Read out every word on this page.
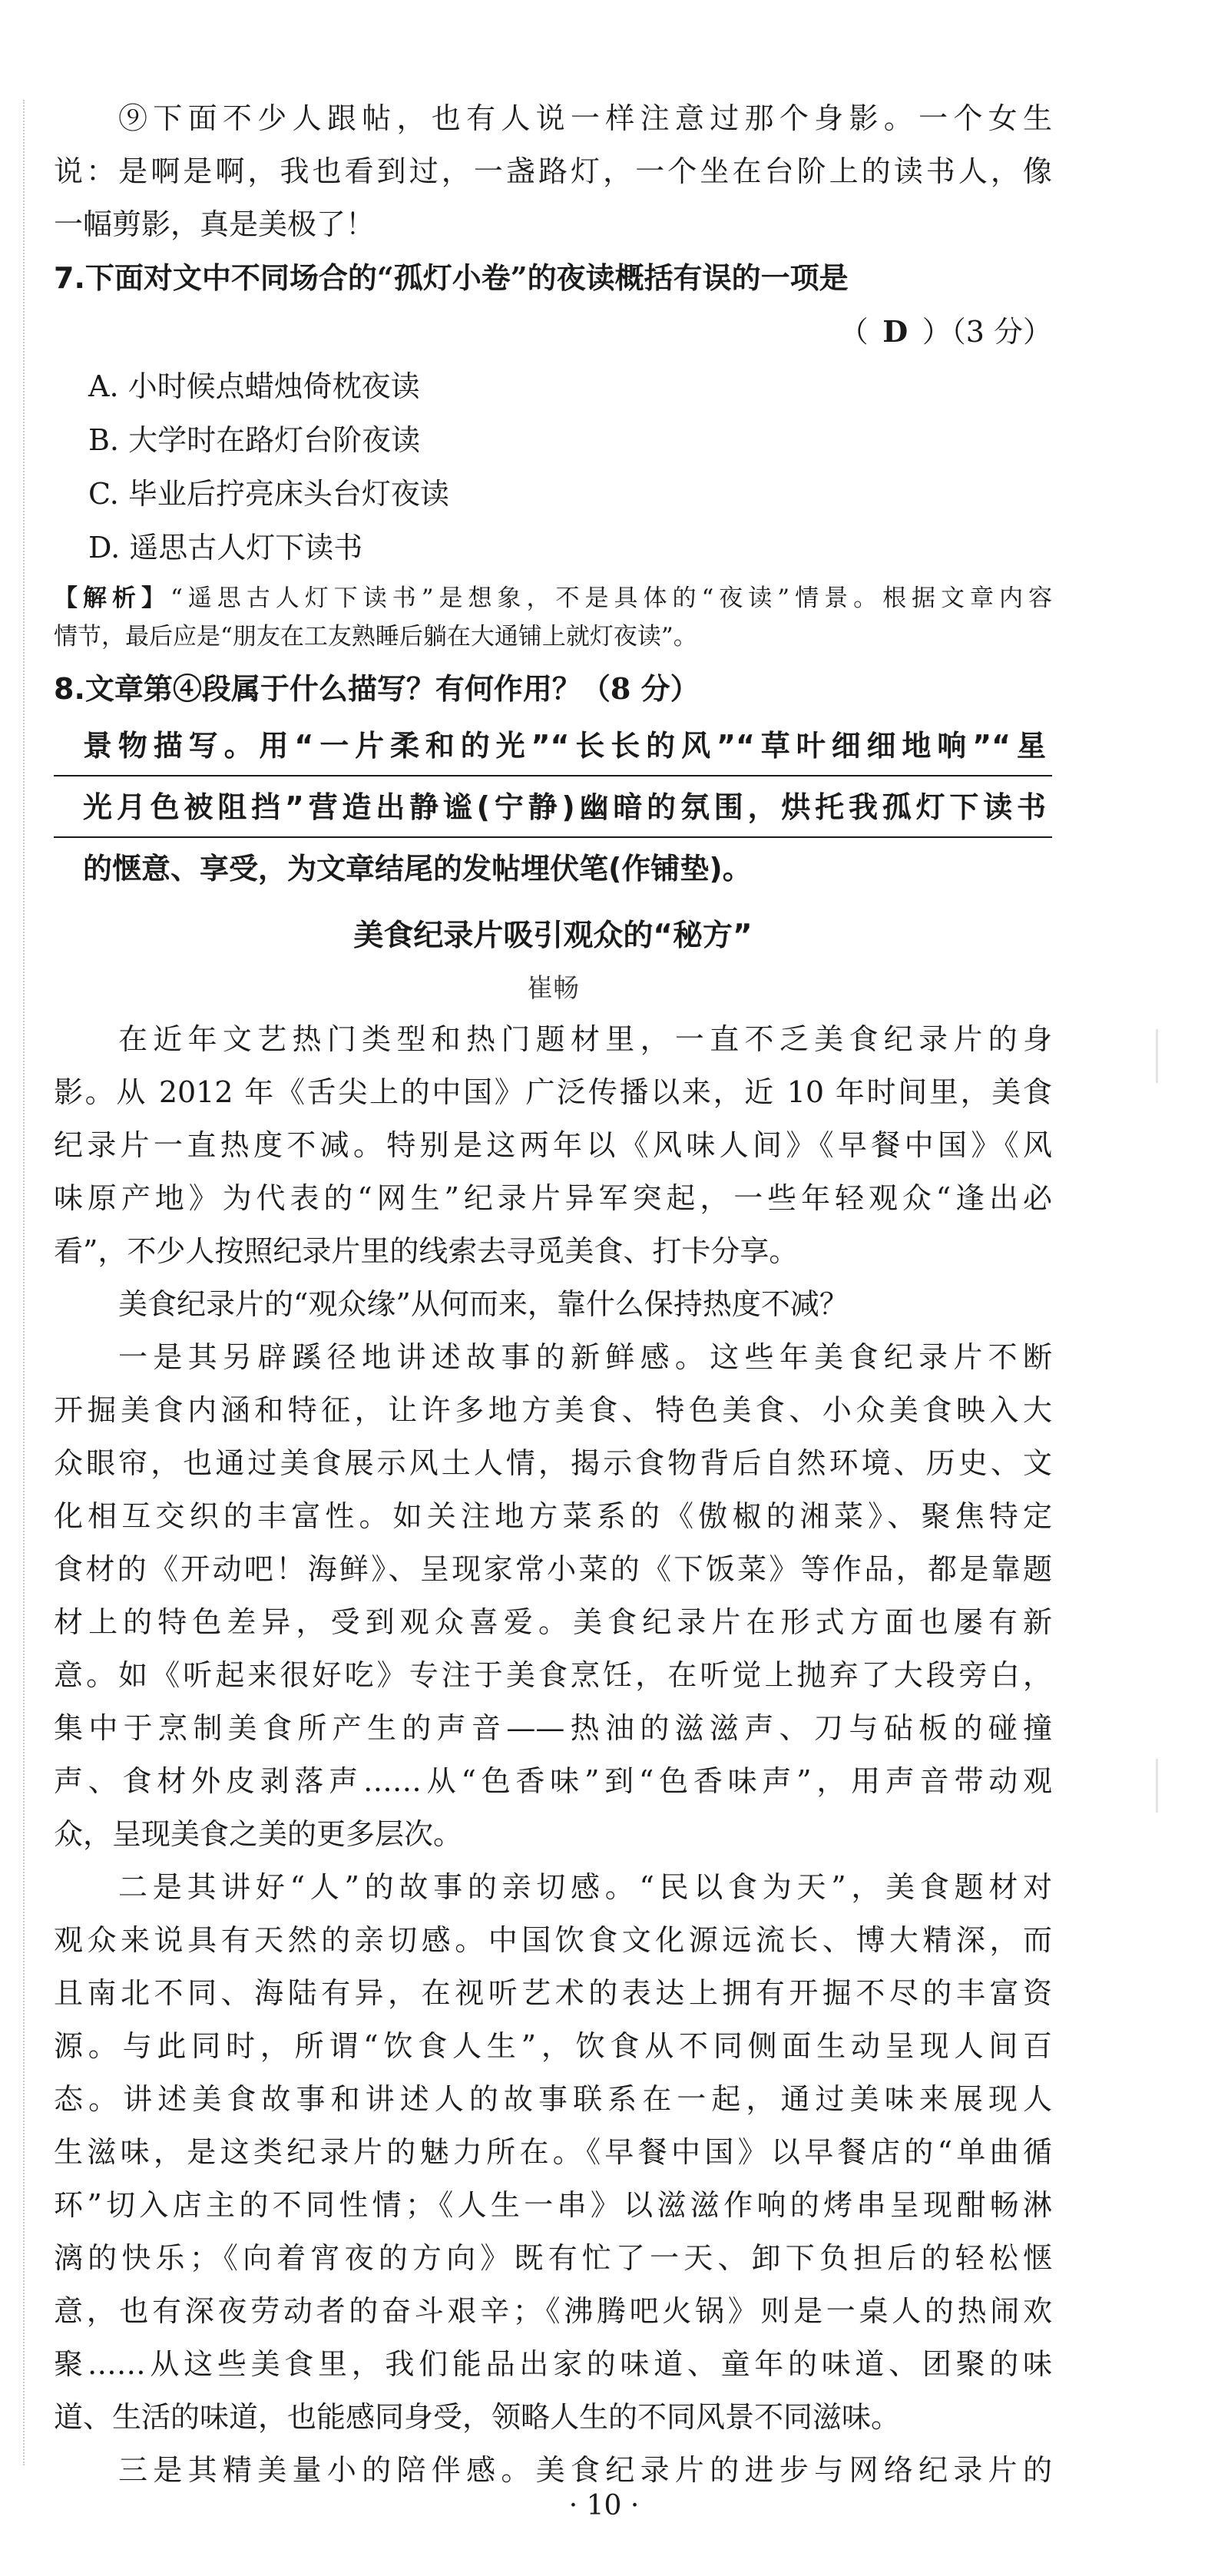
⑨下面不少人跟帖，也有人说一样注意过那个身影。一个女生

说：是啊是啊，我也看到过，一盏路灯，一个坐在台阶上的读书人，像

一幅剪影，真是美极了！

7.下面对文中不同场合的“孤灯小卷”的夜读概括有误的一项是

（ D ）（3 分）
A. 小时候点蜡烛倚枕夜读
B. 大学时在路灯台阶夜读
C. 毕业后拧亮床头台灯夜读
D. 遥思古人灯下读书

【解析】“遥思古人灯下读书”是想象，不是具体的“夜读”情景。根据文章内容

情节，最后应是“朋友在工友熟睡后躺在大通铺上就灯夜读”。

8.文章第④段属于什么描写？有何作用？（8 分）

景物描写。用“一片柔和的光”“长长的风”“草叶细细地响”“星
光月色被阻挡”营造出静谧(宁静)幽暗的氛围，烘托我孤灯下读书
的惬意、享受，为文章结尾的发帖埋伏笔(作铺垫)。
美食纪录片吸引观众的“秘方”
崔畅

在近年文艺热门类型和热门题材里，一直不乏美食纪录片的身

影。从 2012 年《舌尖上的中国》广泛传播以来，近 10 年时间里，美食

纪录片一直热度不减。特别是这两年以《风味人间》《早餐中国》《风

味原产地》为代表的“网生”纪录片异军突起，一些年轻观众“逢出必

看”，不少人按照纪录片里的线索去寻觅美食、打卡分享。

美食纪录片的“观众缘”从何而来，靠什么保持热度不减？

一是其另辟蹊径地讲述故事的新鲜感。这些年美食纪录片不断

开掘美食内涵和特征，让许多地方美食、特色美食、小众美食映入大

众眼帘，也通过美食展示风土人情，揭示食物背后自然环境、历史、文

化相互交织的丰富性。如关注地方菜系的《傲椒的湘菜》、聚焦特定

食材的《开动吧！海鲜》、呈现家常小菜的《下饭菜》等作品，都是靠题

材上的特色差异，受到观众喜爱。美食纪录片在形式方面也屡有新

意。如《听起来很好吃》专注于美食烹饪，在听觉上抛弃了大段旁白，

集中于烹制美食所产生的声音——热油的滋滋声、刀与砧板的碰撞

声、食材外皮剥落声……从“色香味”到“色香味声”，用声音带动观

众，呈现美食之美的更多层次。

二是其讲好“人”的故事的亲切感。“民以食为天”，美食题材对

观众来说具有天然的亲切感。中国饮食文化源远流长、博大精深，而

且南北不同、海陆有异，在视听艺术的表达上拥有开掘不尽的丰富资

源。与此同时，所谓“饮食人生”，饮食从不同侧面生动呈现人间百

态。讲述美食故事和讲述人的故事联系在一起，通过美味来展现人

生滋味，是这类纪录片的魅力所在。《早餐中国》以早餐店的“单曲循

环”切入店主的不同性情；《人生一串》以滋滋作响的烤串呈现酣畅淋

漓的快乐；《向着宵夜的方向》既有忙了一天、卸下负担后的轻松惬

意，也有深夜劳动者的奋斗艰辛；《沸腾吧火锅》则是一桌人的热闹欢

聚……从这些美食里，我们能品出家的味道、童年的味道、团聚的味

道、生活的味道，也能感同身受，领略人生的不同风景不同滋味。

三是其精美量小的陪伴感。美食纪录片的进步与网络纪录片的

· 10 ·
